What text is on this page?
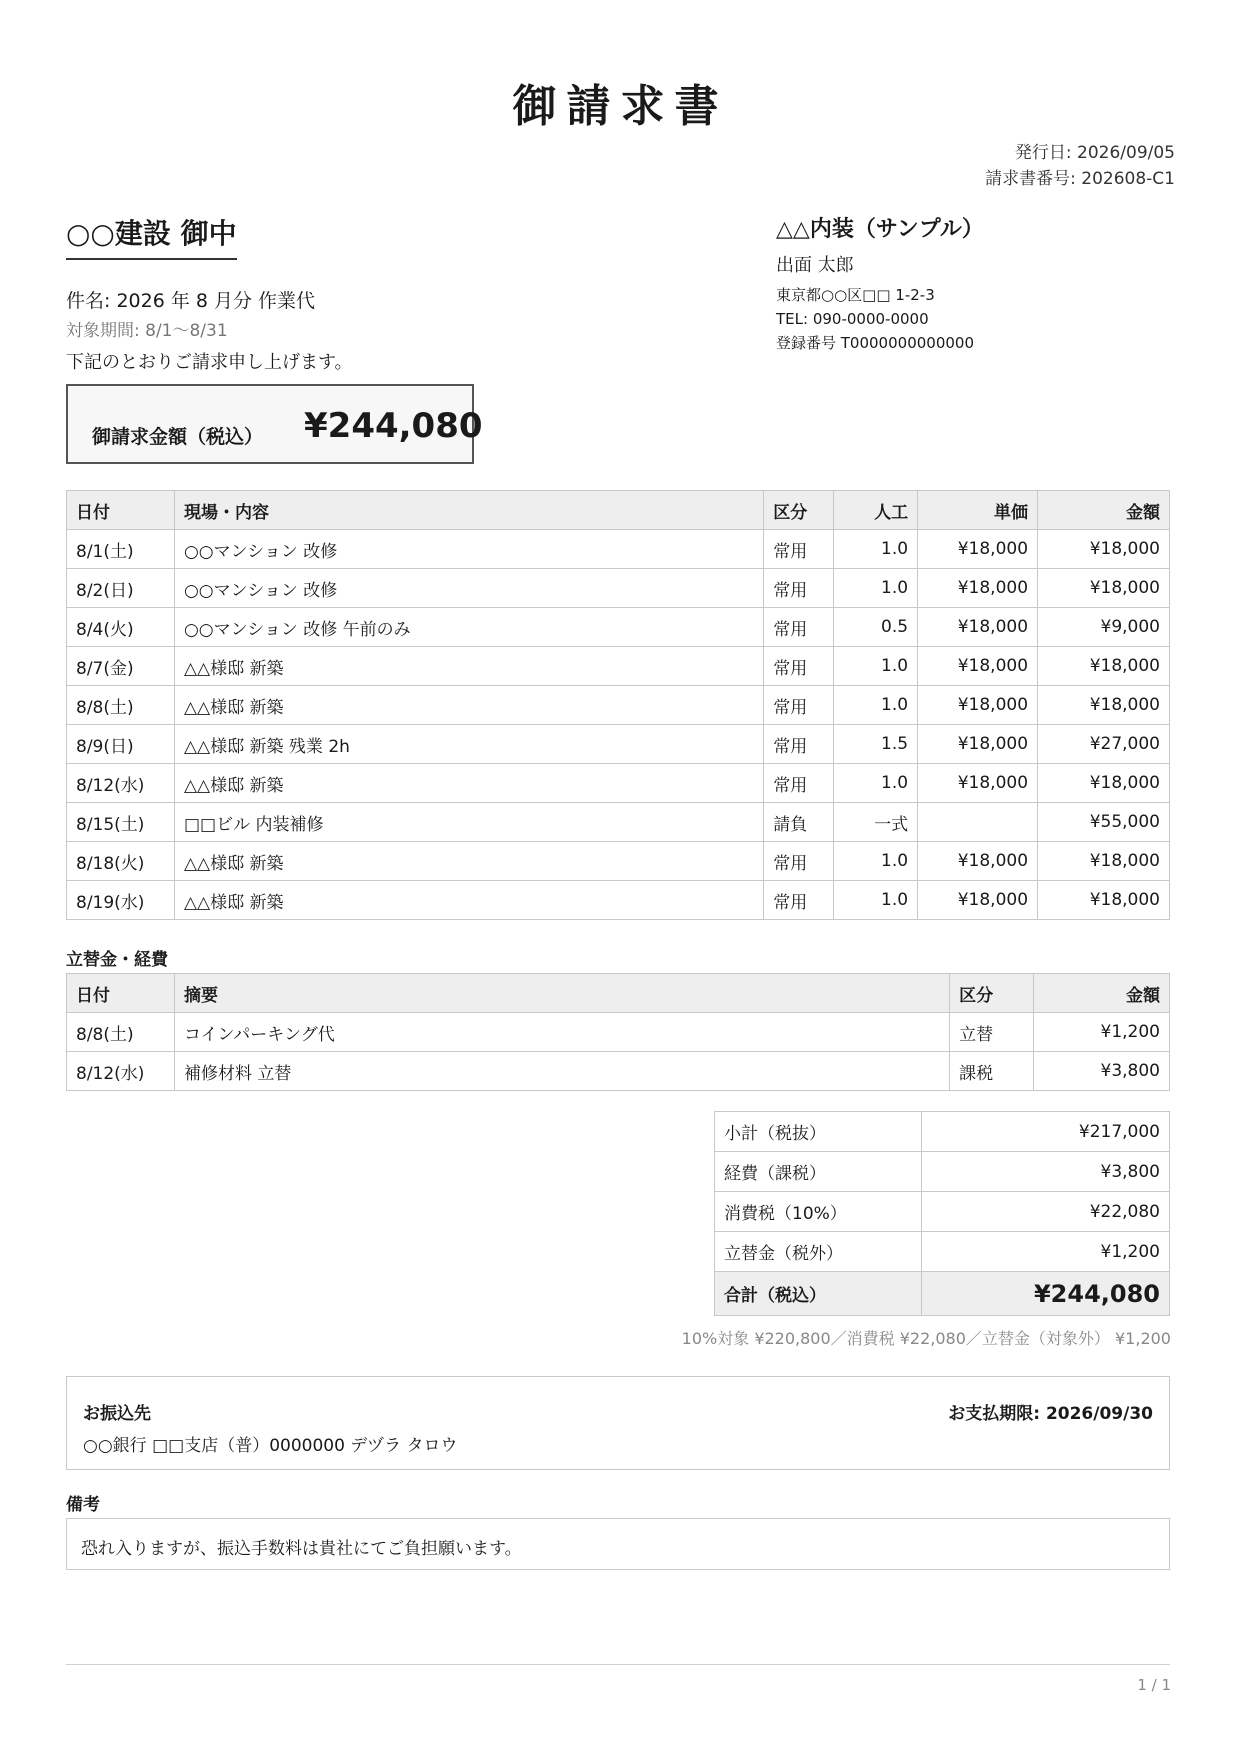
御請求書
発行日: 2026/09/05
請求書番号: 202608-C1
○○建設 御中
件名: 2026 年 8 月分 作業代
対象期間: 8/1〜8/31
下記のとおりご請求申し上げます。
御請求金額（税込） ¥244,080
△△内装（サンプル）
出面 太郎
東京都○○区□□ 1-2-3
TEL: 090-0000-0000
登録番号 T0000000000000
日付	現場・内容	区分	人工	単価	金額
8/1(土)	○○マンション 改修	常用	1.0	¥18,000	¥18,000
8/2(日)	○○マンション 改修	常用	1.0	¥18,000	¥18,000
8/4(火)	○○マンション 改修 午前のみ	常用	0.5	¥18,000	¥9,000
8/7(金)	△△様邸 新築	常用	1.0	¥18,000	¥18,000
8/8(土)	△△様邸 新築	常用	1.0	¥18,000	¥18,000
8/9(日)	△△様邸 新築 残業 2h	常用	1.5	¥18,000	¥27,000
8/12(水)	△△様邸 新築	常用	1.0	¥18,000	¥18,000
8/15(土)	□□ビル 内装補修	請負	一式		¥55,000
8/18(火)	△△様邸 新築	常用	1.0	¥18,000	¥18,000
8/19(水)	△△様邸 新築	常用	1.0	¥18,000	¥18,000
立替金・経費
日付	摘要	区分	金額
8/8(土)	コインパーキング代	立替	¥1,200
8/12(水)	補修材料 立替	課税	¥3,800
小計（税抜）	¥217,000
経費（課税）	¥3,800
消費税（10%）	¥22,080
立替金（税外）	¥1,200
合計（税込）	¥244,080
10%対象 ¥220,800／消費税 ¥22,080／立替金（対象外） ¥1,200
お振込先
○○銀行 □□支店（普）0000000 デヅラ タロウ
お支払期限: 2026/09/30
備考
恐れ入りますが、振込手数料は貴社にてご負担願います。
1 / 1
